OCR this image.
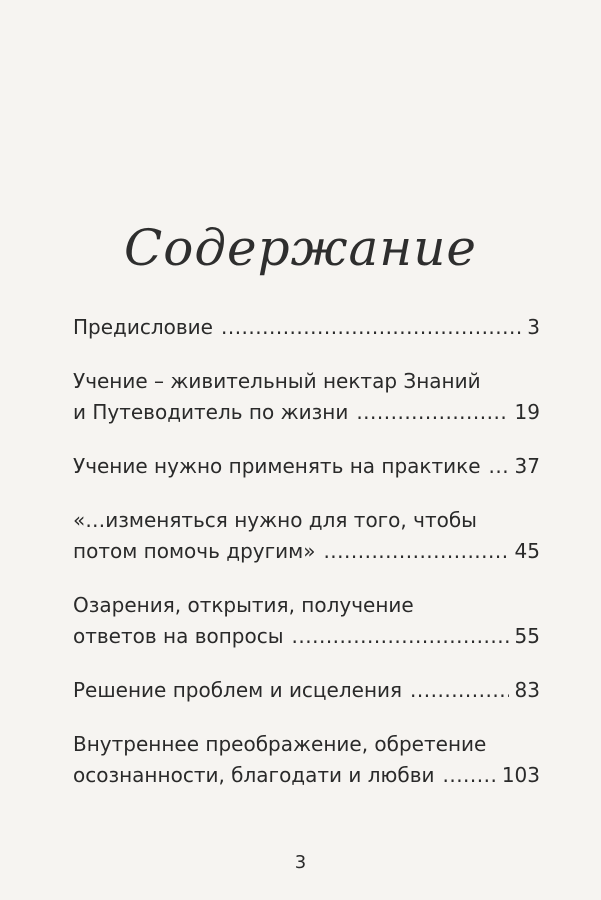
Содержание
Предисловие .....	3
Учение – живительный нектар Знаний
и Путеводитель по жизни .....	19
Учение нужно применять на практике ..... 37
«…изменяться нужно для того, чтобы
потом помочь другим» .....	45
Озарения, открытия, получение
ответов на вопросы .....	55
Решение проблем и исцеления .....	83
Внутреннее преображение, обретение
осознанности, благодати и любви .....	103
3
